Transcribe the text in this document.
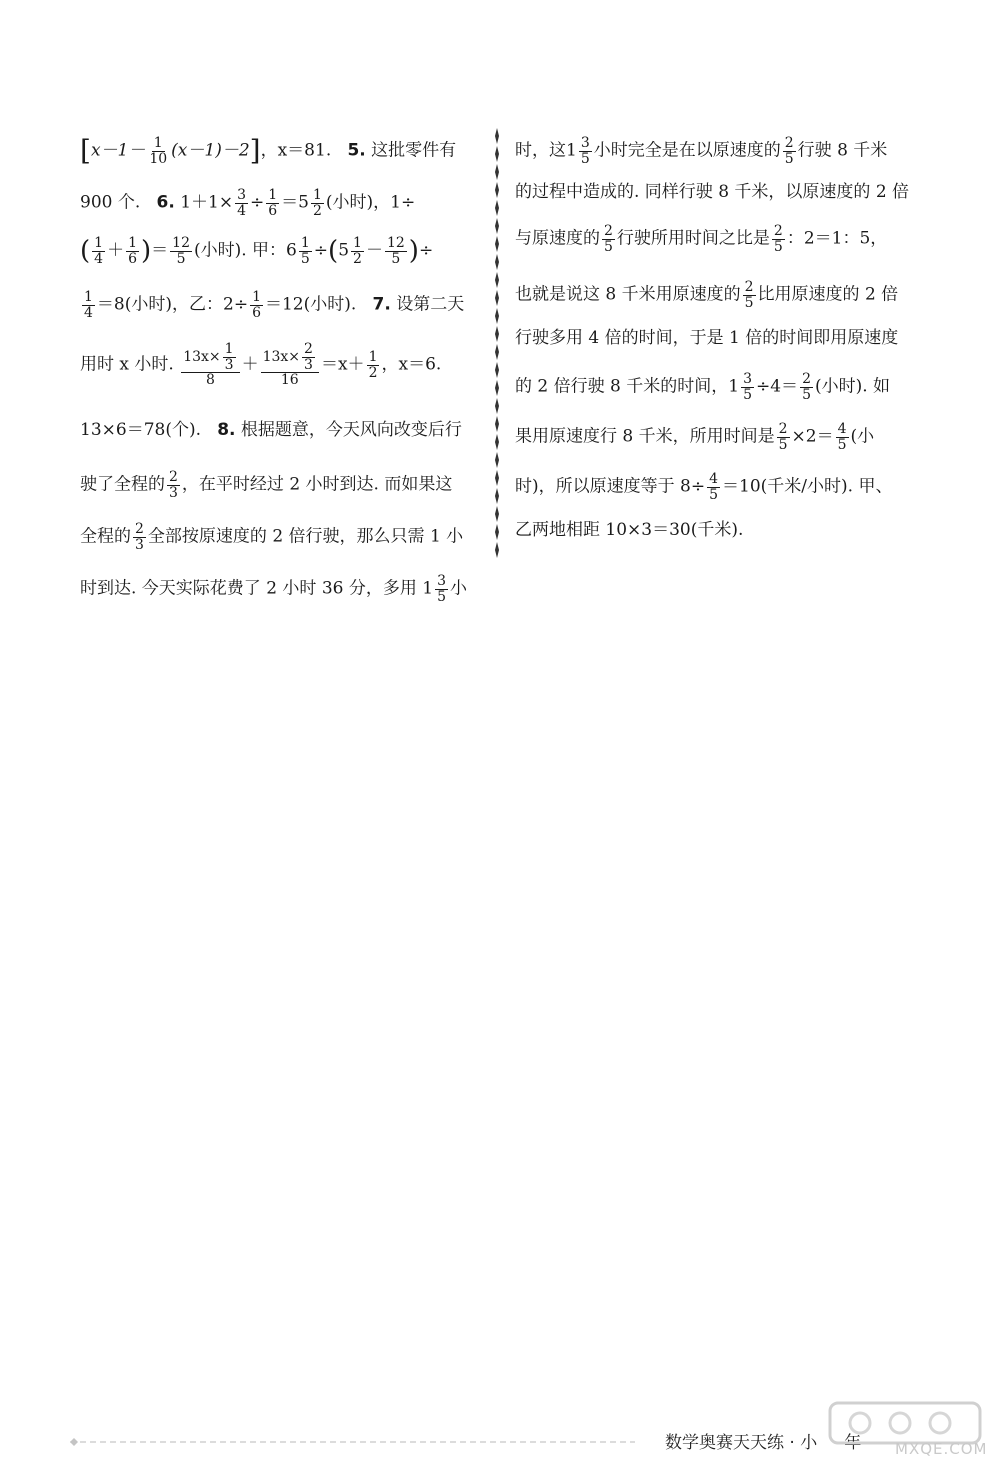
$[x-1- \frac{1}{10} (x-1)-2]$，x＝81. 5. 这批零件有
900 个. 6. $1+1\times \frac{3}{4} \div \frac{1}{6} =5 \frac{1}{2}$ (小时)，1÷
( $\frac{1}{4} + \frac{1}{6}$ )＝ $\frac{12}{5}$ (小时). 甲：$6 \frac{1}{5} \div(5 \frac{1}{2} - \frac{12}{5}$ )÷
$\frac{1}{4} =8$(小时)，乙：$2\div \frac{1}{6} =12$(小时). 7. 设第二天
用时 x 小时. $\frac{13x\times \frac{1}{3}}{8} + \frac{13x\times \frac{2}{3}}{16} =x+ \frac{1}{2}$ ，x＝6.
13×6＝78(个). 8. 根据题意，今天风向改变后行
驶了全程的 $\frac{2}{3}$ ，在平时经过 2 小时到达. 而如果这
全程的 $\frac{2}{3}$ 全部按原速度的 2 倍行驶，那么只需 1 小
时到达. 今天实际花费了 2 小时 36 分，多用 $1 \frac{3}{5}$ 小
时，这$1 \frac{3}{5}$ 小时完全是在以原速度的 $\frac{2}{5}$ 行驶 8 千米
的过程中造成的. 同样行驶 8 千米，以原速度的 2 倍
与原速度的 $\frac{2}{5}$ 行驶所用时间之比是 $\frac{2}{5}$ ：2＝1：5，
也就是说这 8 千米用原速度的 $\frac{2}{5}$ 比用原速度的 2 倍
行驶多用 4 倍的时间，于是 1 倍的时间即用原速度
的 2 倍行驶 8 千米的时间，$1 \frac{3}{5} \div 4= \frac{2}{5}$ (小时). 如
果用原速度行 8 千米，所用时间是 $\frac{2}{5} \times 2= \frac{4}{5}$ (小
时)，所以原速度等于 $8\div \frac{4}{5} =10$(千米/小时). 甲、
乙两地相距 10×3＝30(千米).
数学奥赛天天练 · 小 年 MXQE.COM
